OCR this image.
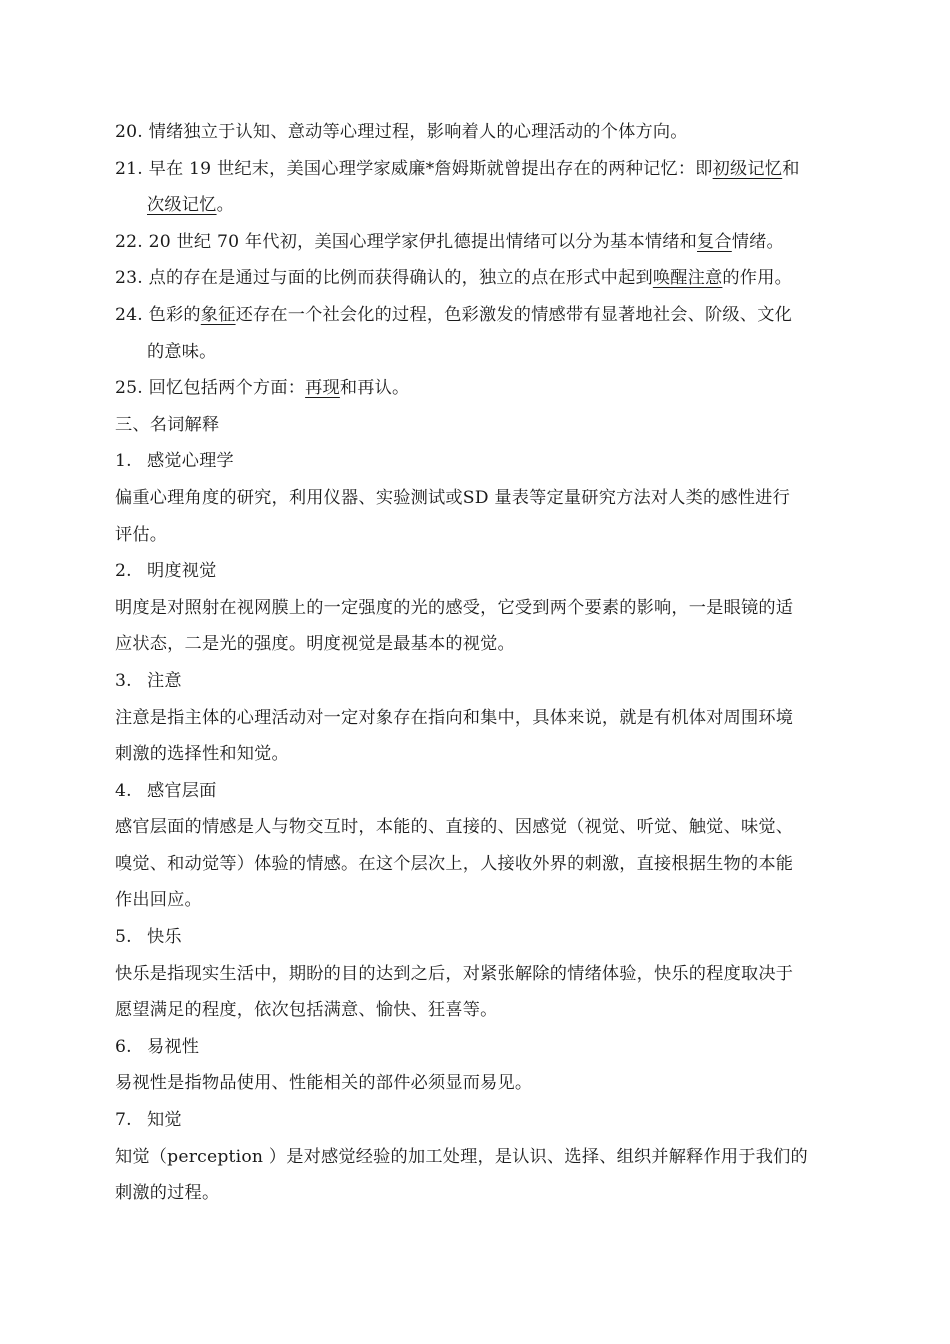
20. 情绪独立于认知、意动等心理过程，影响着人的心理活动的个体方向。
21. 早在 19 世纪末，美国心理学家威廉*詹姆斯就曾提出存在的两种记忆：即初级记忆和
次级记忆。
22. 20 世纪 70 年代初，美国心理学家伊扎德提出情绪可以分为基本情绪和复合情绪。
23. 点的存在是通过与面的比例而获得确认的，独立的点在形式中起到唤醒注意的作用。
24. 色彩的象征还存在一个社会化的过程，色彩激发的情感带有显著地社会、阶级、文化
的意味。
25. 回忆包括两个方面：再现和再认。
三、名词解释
1. 感觉心理学
偏重心理角度的研究，利用仪器、实验测试或SD 量表等定量研究方法对人类的感性进行
评估。
2. 明度视觉
明度是对照射在视网膜上的一定强度的光的感受，它受到两个要素的影响，一是眼镜的适
应状态，二是光的强度。明度视觉是最基本的视觉。
3. 注意
注意是指主体的心理活动对一定对象存在指向和集中，具体来说，就是有机体对周围环境
刺激的选择性和知觉。
4. 感官层面
感官层面的情感是人与物交互时，本能的、直接的、因感觉（视觉、听觉、触觉、味觉、
嗅觉、和动觉等）体验的情感。在这个层次上，人接收外界的刺激，直接根据生物的本能
作出回应。
5. 快乐
快乐是指现实生活中，期盼的目的达到之后，对紧张解除的情绪体验，快乐的程度取决于
愿望满足的程度，依次包括满意、愉快、狂喜等。
6. 易视性
易视性是指物品使用、性能相关的部件必须显而易见。
7. 知觉
知觉（perception ）是对感觉经验的加工处理，是认识、选择、组织并解释作用于我们的
刺激的过程。
